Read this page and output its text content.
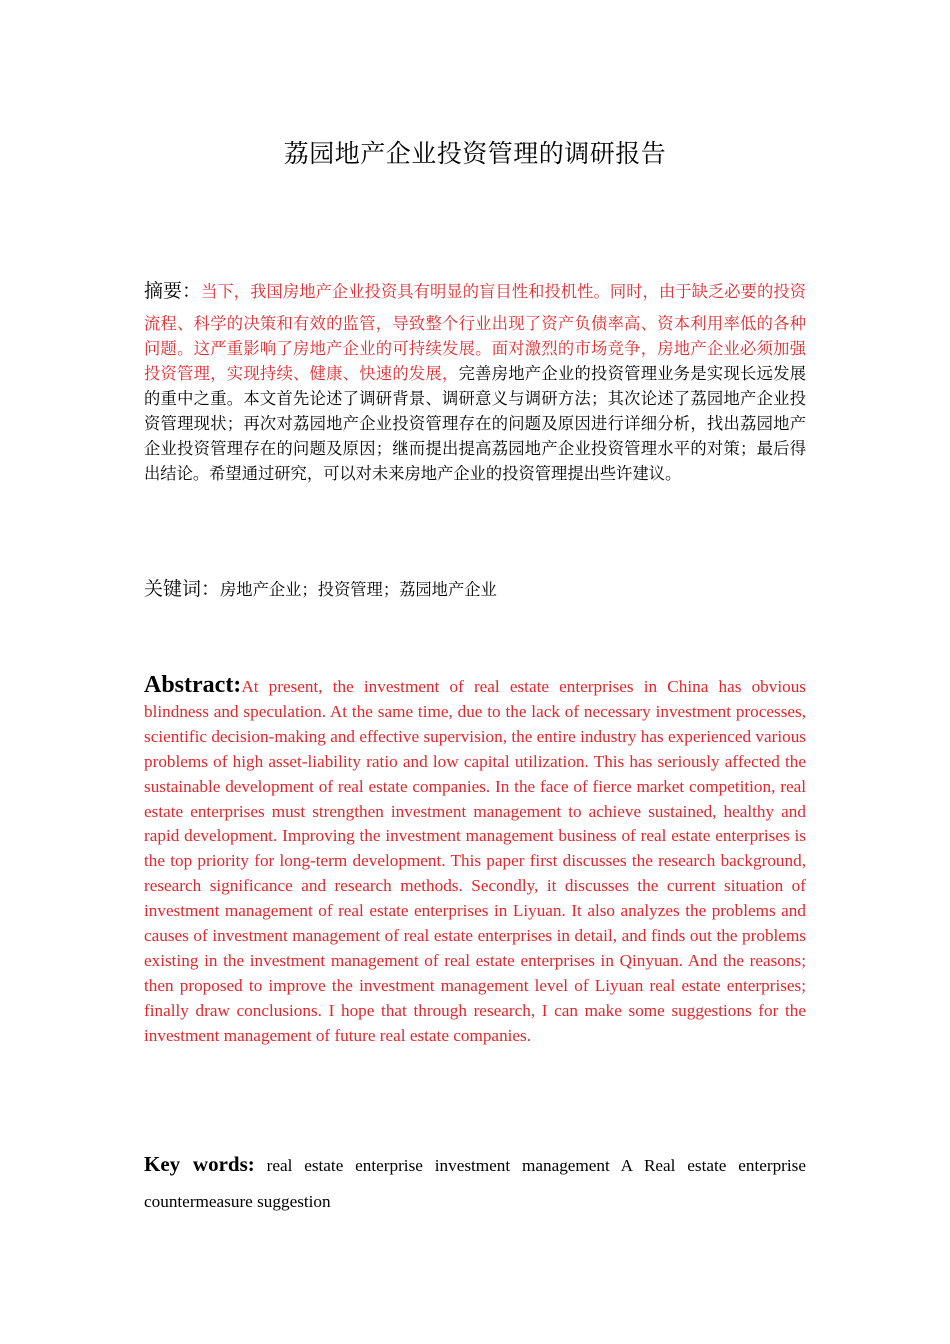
荔园地产企业投资管理的调研报告

摘要：当下，我国房地产企业投资具有明显的盲目性和投机性。同时，由于缺乏必要的投资流程、科学的决策和有效的监管，导致整个行业出现了资产负债率高、资本利用率低的各种问题。这严重影响了房地产企业的可持续发展。面对激烈的市场竞争，房地产企业必须加强投资管理，实现持续、健康、快速的发展，完善房地产企业的投资管理业务是实现长远发展的重中之重。本文首先论述了调研背景、调研意义与调研方法；其次论述了荔园地产企业投资管理现状；再次对荔园地产企业投资管理存在的问题及原因进行详细分析，找出荔园地产企业投资管理存在的问题及原因；继而提出提高荔园地产企业投资管理水平的对策；最后得出结论。希望通过研究，可以对未来房地产企业的投资管理提出些许建议。

关键词：房地产企业；投资管理；荔园地产企业

Abstract:At present, the investment of real estate enterprises in China has obvious blindness and speculation. At the same time, due to the lack of necessary investment processes, scientific decision-making and effective supervision, the entire industry has experienced various problems of high asset-liability ratio and low capital utilization. This has seriously affected the sustainable development of real estate companies. In the face of fierce market competition, real estate enterprises must strengthen investment management to achieve sustained, healthy and rapid development. Improving the investment management business of real estate enterprises is the top priority for long-term development. This paper first discusses the research background, research significance and research methods. Secondly, it discusses the current situation of investment management of real estate enterprises in Liyuan. It also analyzes the problems and causes of investment management of real estate enterprises in detail, and finds out the problems existing in the investment management of real estate enterprises in Qinyuan. And the reasons; then proposed to improve the investment management level of Liyuan real estate enterprises; finally draw conclusions. I hope that through research, I can make some suggestions for the investment management of future real estate companies.

Key words: real estate enterprise investment management A Real estate enterprise countermeasure suggestion
